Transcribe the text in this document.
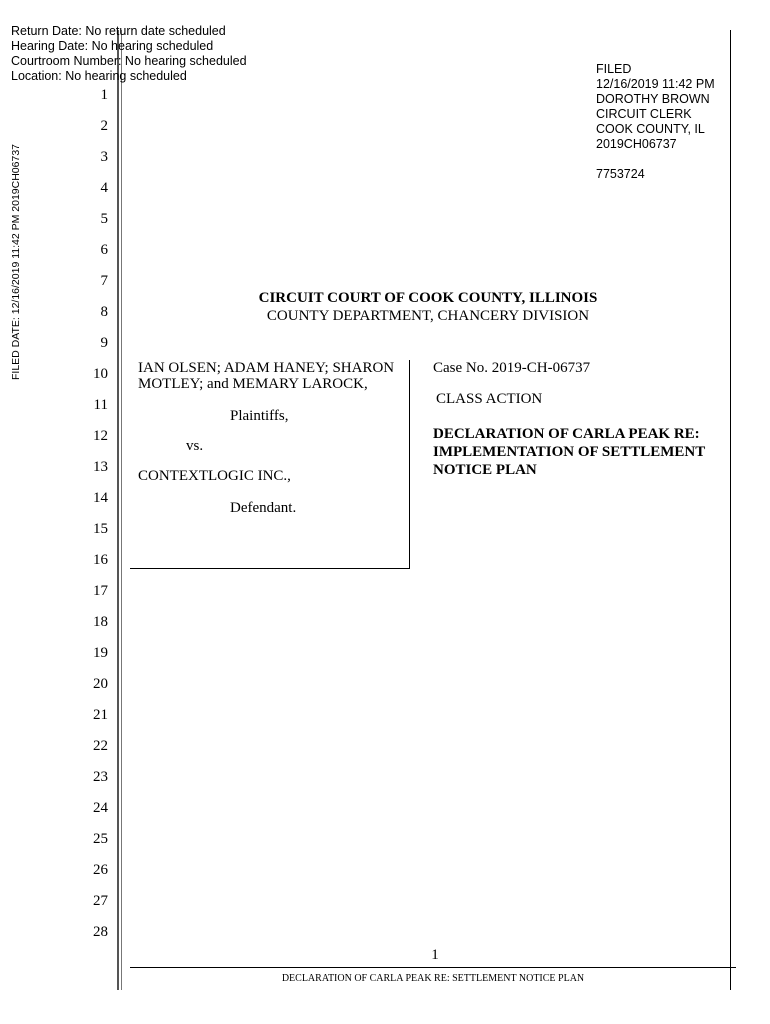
Return Date: No return date scheduled
Hearing Date: No hearing scheduled
Courtroom Number: No hearing scheduled
Location: No hearing scheduled	FILED
12/16/2019 11:42 PM
DOROTHY BROWN
CIRCUIT CLERK
COOK COUNTY, IL
2019CH06737
7753724
FILED DATE: 12/16/2019 11:42 PM 2019CH06737
1
2
3
4
5
6
7
8
9
10
11
12
13
14
15
16
17
18
19
20
21
22
23
24
25
26
27
28
CIRCUIT COURT OF COOK COUNTY, ILLINOIS
COUNTY DEPARTMENT, CHANCERY DIVISION
IAN OLSEN; ADAM HANEY; SHARON MOTLEY; and MEMARY LAROCK,
Plaintiffs,
vs.
CONTEXTLOGIC INC.,
Defendant.
Case No. 2019-CH-06737
CLASS ACTION
DECLARATION OF CARLA PEAK RE: IMPLEMENTATION OF SETTLEMENT NOTICE PLAN
1
DECLARATION OF CARLA PEAK RE: SETTLEMENT NOTICE PLAN
